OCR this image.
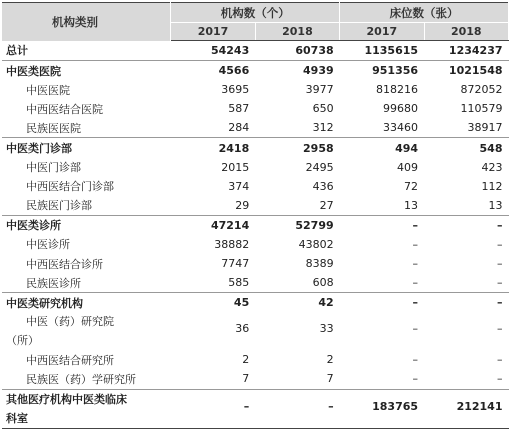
机构类别	机构数（个）		床位数（张）	
	2017	2018	2017	2018
总计	54243	60738	1135615	1234237
中医类医院	4566	4939	951356	1021548
中医医院	3695	3977	818216	872052
中西医结合医院	587	650	99680	110579
民族医医院	284	312	33460	38917
中医类门诊部	2418	2958	494	548
中医门诊部	2015	2495	409	423
中西医结合门诊部	374	436	72	112
民族医门诊部	29	27	13	13
中医类诊所	47214	52799	–	–
中医诊所	38882	43802	–	–
中西医结合诊所	7747	8389	–	–
民族医诊所	585	608	–	–
中医类研究机构	45	42	–	–

中医（药）研究院
（所）	36	33	–	–
中西医结合研究所	2	2	–	–
民族医（药）学研究所	7	7	–	–

其他医疗机构中医类临床
科室	–	–	183765	212141
